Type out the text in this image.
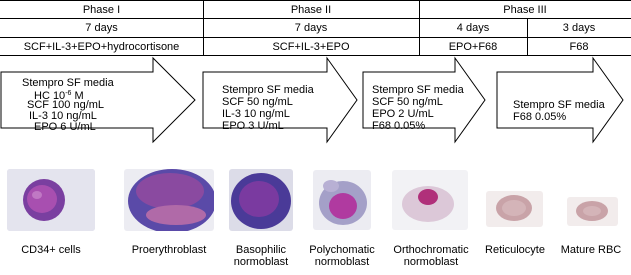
Phase I	Phase II	Phase III
7 days	7 days	4 days	3 days
SCF+IL-3+EPO+hydrocortisone	SCF+IL-3+EPO	EPO+F68	F68
Stempro SF media
HC $10^{-6}$ M
SCF 100 ng/mL
IL-3 10 ng/mL
EPO 6 U/mL
Stempro SF media
SCF 50 ng/mL
IL-3 10 ng/mL
EPO 3 U/mL
Stempro SF media
SCF 50 ng/mL
EPO 2 U/mL
F68 0.05%
Stempro SF media
F68 0.05%
CD34+ cells	Proerythroblast	Basophilic
normoblast
Polychomatic
normoblast
Orthochromatic
normoblast
Reticulocyte	Mature RBC
